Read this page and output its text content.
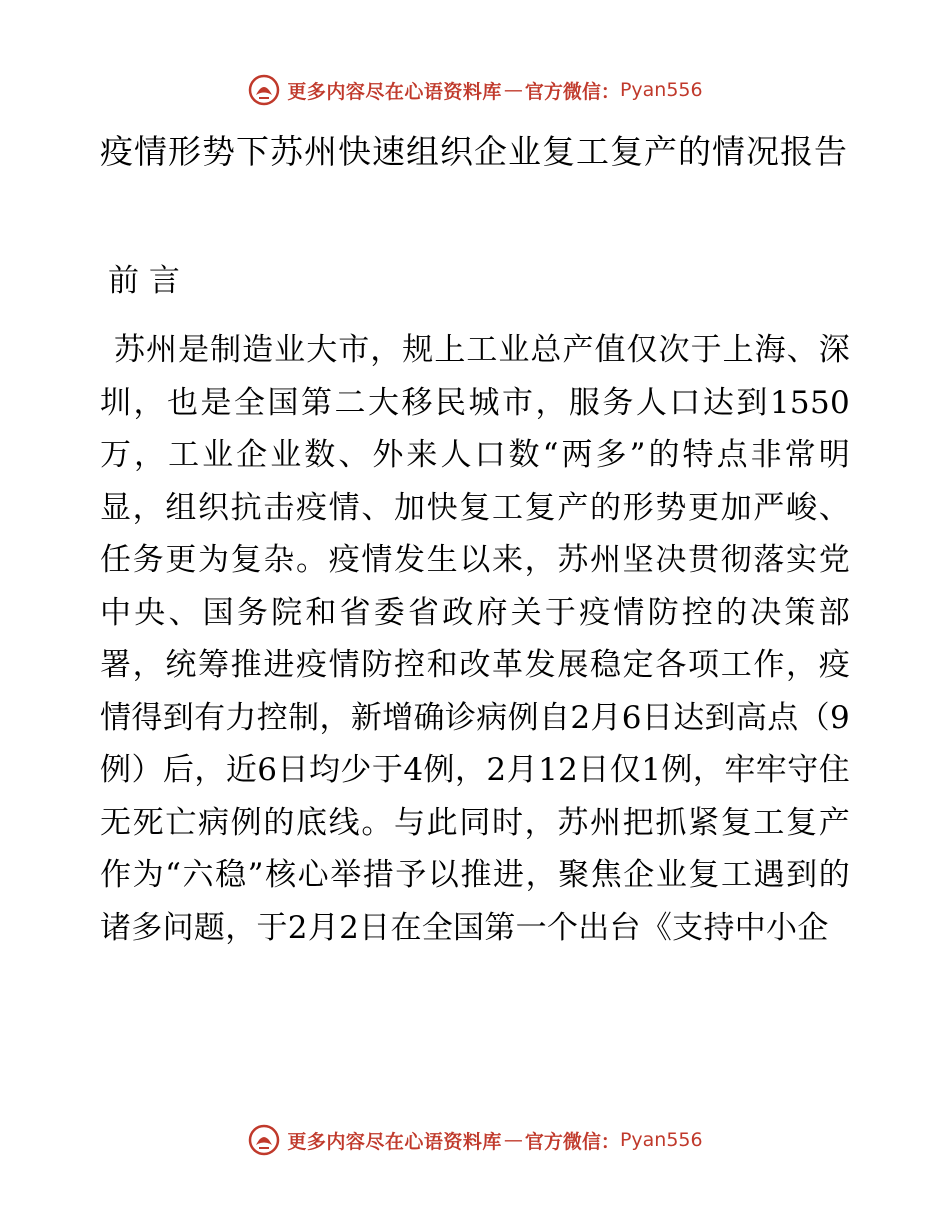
更多内容尽在心语资料库 — 官方微信： Pyan556
疫情形势下苏州快速组织企业复工复产的情况报告
前 言

苏州是制造业大市，规上工业总产值仅次于上海、深圳，也是全国第二大移民城市，服务人口达到1550万，工业企业数、外来人口数“两多”的特点非常明显，组织抗击疫情、加快复工复产的形势更加严峻、任务更为复杂。疫情发生以来，苏州坚决贯彻落实党中央、国务院和省委省政府关于疫情防控的决策部署，统筹推进疫情防控和改革发展稳定各项工作，疫情得到有力控制，新增确诊病例自2月6日达到高点（9例）后，近6日均少于4例，2月12日仅1例，牢牢守住无死亡病例的底线。与此同时，苏州把抓紧复工复产作为“六稳”核心举措予以推进，聚焦企业复工遇到的诸多问题，于2月2日在全国第一个出台《支持中小企

更多内容尽在心语资料库 — 官方微信： Pyan556
